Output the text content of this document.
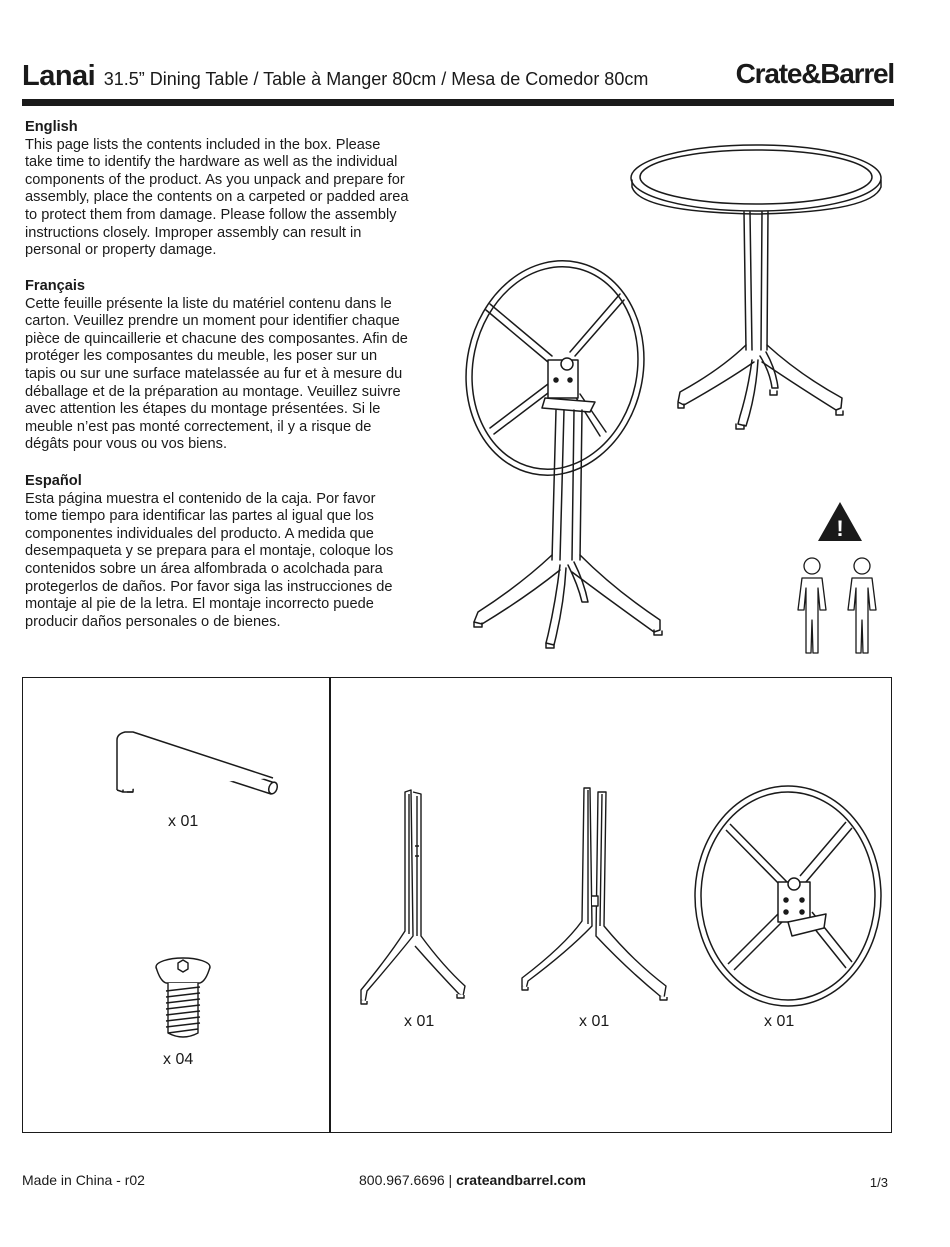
Lanai 31.5” Dining Table / Table à Manger 80cm / Mesa de Comedor 80cm	Crate&Barrel
English
This page lists the contents included in the box. Please
take time to identify the hardware as well as the individual
components of the product. As you unpack and prepare for
assembly, place the contents on a carpeted or padded area
to protect them from damage. Please follow the assembly
instructions closely. Improper assembly can result in
personal or property damage.
Français
Cette feuille présente la liste du matériel contenu dans le
carton. Veuillez prendre un moment pour identifier chaque
pièce de quincaillerie et chacune des composantes. Afin de
protéger les composantes du meuble, les poser sur un
tapis ou sur une surface matelassée au fur et à mesure du
déballage et de la préparation au montage. Veuillez suivre
avec attention les étapes du montage présentées. Si le
meuble n’est pas monté correctement, il y a risque de
dégâts pour vous ou vos biens.
Español
Esta página muestra el contenido de la caja. Por favor
tome tiempo para identificar las partes al igual que los
componentes individuales del producto. A medida que
desempaqueta y se prepara para el montaje, coloque los
contenidos sobre un área alfombrada o acolchada para
protegerlos de daños. Por favor siga las instrucciones de
montaje al pie de la letra. El montaje incorrecto puede
producir daños personales o de bienes.
!
x 01
x 04
x 01	x 01	x 01
Made in China - r02	800.967.6696 | crateandbarrel.com	1/3
